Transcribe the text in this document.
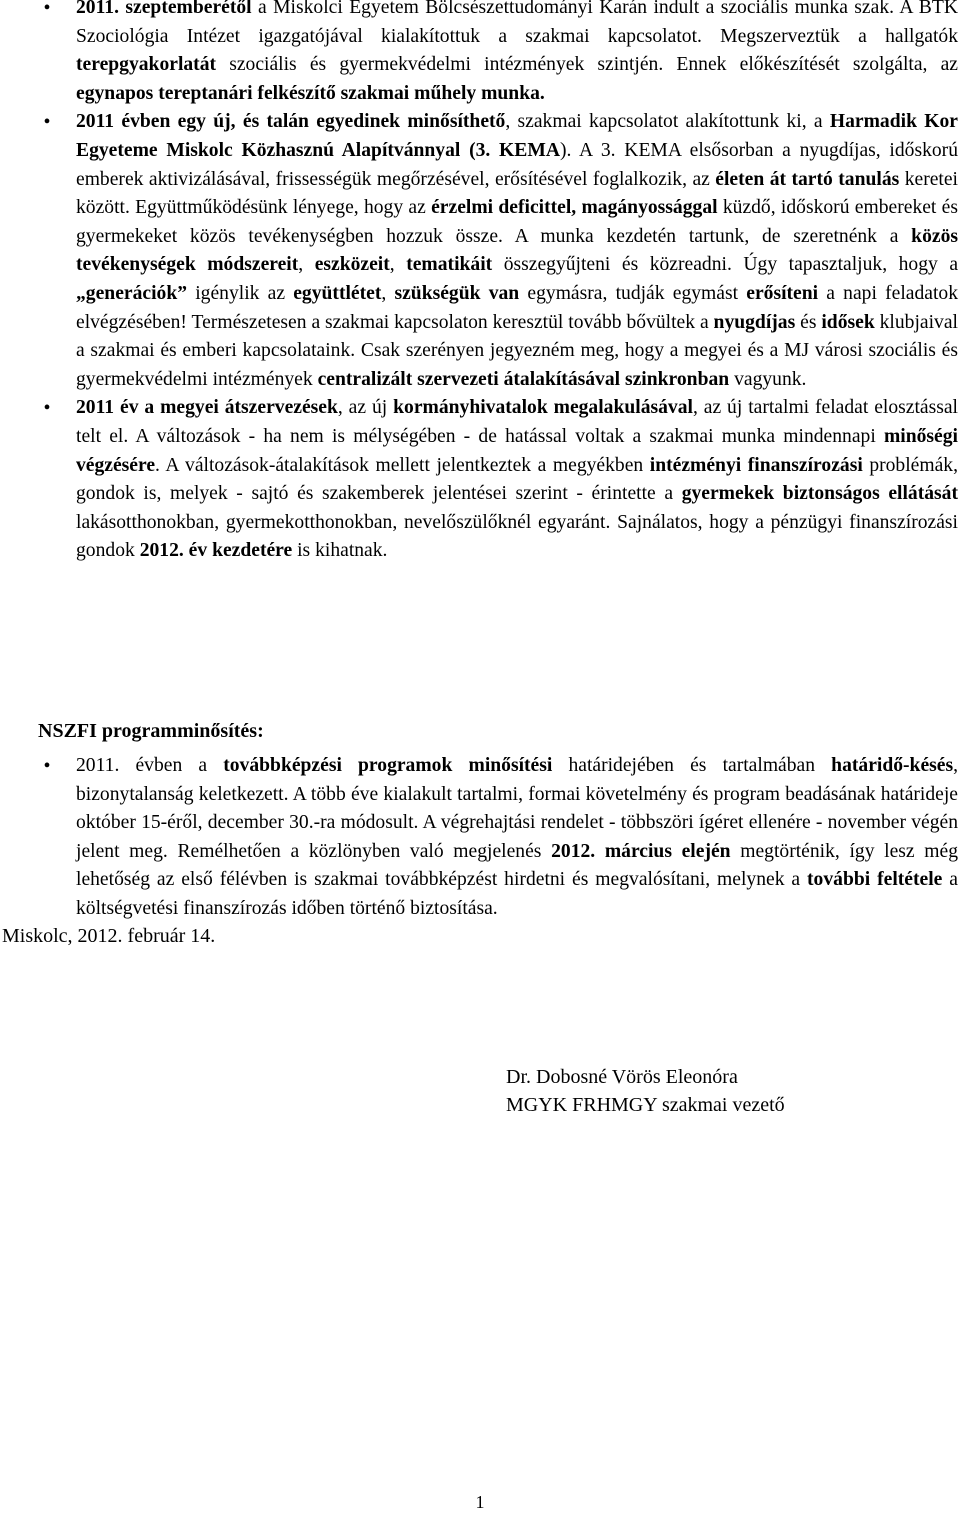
•	2011. szeptemberétől a Miskolci Egyetem Bölcsészettudományi Karán indult a szociális munka szak. A BTK Szociológia Intézet igazgatójával kialakítottuk a szakmai kapcsolatot. Megszerveztük a hallgatók terepgyakorlatát szociális és gyermekvédelmi intézmények szintjén. Ennek előkészítését szolgálta, az egynapos tereptanári felkészítő szakmai műhely munka.
•	2011 évben egy új, és talán egyedinek minősíthető, szakmai kapcsolatot alakítottunk ki, a Harmadik Kor Egyeteme Miskolc Közhasznú Alapítvánnyal (3. KEMA). A 3. KEMA elsősorban a nyugdíjas, időskorú emberek aktivizálásával, frissességük megőrzésével, erősítésével foglalkozik, az életen át tartó tanulás keretei között. Együttműködésünk lényege, hogy az érzelmi deficittel, magányossággal küzdő, időskorú embereket és gyermekeket közös tevékenységben hozzuk össze. A munka kezdetén tartunk, de szeretnénk a közös tevékenységek módszereit, eszközeit, tematikáit összegyűjteni és közreadni. Úgy tapasztaljuk, hogy a „generációk” igénylik az együttlétet, szükségük van egymásra, tudják egymást erősíteni a napi feladatok elvégzésében! Természetesen a szakmai kapcsolaton keresztül tovább bővültek a nyugdíjas és idősek klubjaival a szakmai és emberi kapcsolataink. Csak szerényen jegyezném meg, hogy a megyei és a MJ városi szociális és gyermekvédelmi intézmények centralizált szervezeti átalakításával szinkronban vagyunk.
•	2011 év a megyei átszervezések, az új kormányhivatalok megalakulásával, az új tartalmi feladat elosztással telt el. A változások - ha nem is mélységében - de hatással voltak a szakmai munka mindennapi minőségi végzésére. A változások-átalakítások mellett jelentkeztek a megyékben intézményi finanszírozási problémák, gondok is, melyek - sajtó és szakemberek jelentései szerint - érintette a gyermekek biztonságos ellátását lakásotthonokban, gyermekotthonokban, nevelőszülőknél egyaránt. Sajnálatos, hogy a pénzügyi finanszírozási gondok 2012. év kezdetére is kihatnak.
NSZFI programminősítés:
•	2011. évben a továbbképzési programok minősítési határidejében és tartalmában határidő-késés, bizonytalanság keletkezett. A több éve kialakult tartalmi, formai követelmény és program beadásának határideje október 15-éről, december 30.-ra módosult. A végrehajtási rendelet - többszöri ígéret ellenére - november végén jelent meg. Remélhetően a közlönyben való megjelenés 2012. március elején megtörténik, így lesz még lehetőség az első félévben is szakmai továbbképzést hirdetni és megvalósítani, melynek a további feltétele a költségvetési finanszírozás időben történő biztosítása.
Miskolc, 2012. február 14.
Dr. Dobosné Vörös Eleonóra
MGYK FRHMGY szakmai vezető
1
